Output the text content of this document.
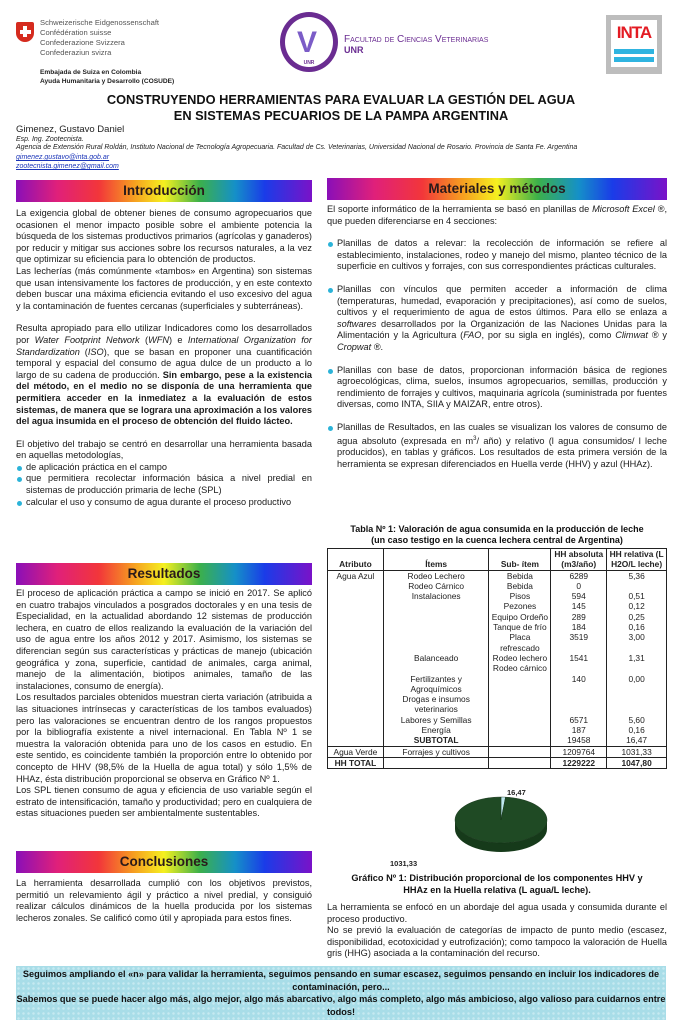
Schweizerische Eidgenossenschaft
Confédération suisse
Confederazione Svizzera
Confederaziun svizra
Embajada de Suiza en Colombia
Ayuda Humanitaria y Desarrollo (COSUDE)
V
UNR
Facultad de Ciencias Veterinarias
UNR
INTA
CONSTRUYENDO HERRAMIENTAS PARA EVALUAR LA GESTIÓN DEL AGUA
EN SISTEMAS PECUARIOS DE LA PAMPA ARGENTINA
Gimenez, Gustavo Daniel
Esp. Ing. Zootecnista.
Agencia de Extensión Rural Roldán, Instituto Nacional de Tecnología Agropecuaria. Facultad de Cs. Veterinarias, Universidad Nacional de Rosario. Provincia de Santa Fe. Argentina
gimenez.gustavo@inta.gob.ar
zootecnista.gimenez@gmail.com
Introducción

La exigencia global de obtener bienes de consumo agropecuarios que ocasionen el menor impacto posible sobre el ambiente potencia la búsqueda de los sistemas productivos primarios (agrícolas y ganaderos) por reducir y mitigar sus acciones sobre los recursos naturales, a la vez que optimizar su eficiencia para lo obtención de productos.

Las lecherías (más comúnmente «tambos» en Argentina) son sistemas que usan intensivamente los factores de producción, y en este contexto deben buscar una máxima eficiencia evitando el uso excesivo del agua y la contaminación de fuentes cercanas (superficiales y subterráneas).

Resulta apropiado para ello utilizar Indicadores como los desarrollados por Water Footprint Network (WFN) e International Organization for Standardization (ISO), que se basan en proponer una cuantificación temporal y espacial del consumo de agua dulce de un producto a lo largo de su cadena de producción. Sin embargo, pese a la existencia del método, en el medio no se disponía de una herramienta que permitiera acceder en la inmediatez a la evaluación de estos sistemas, de manera que se lograra una aproximación a los valores del agua insumida en el proceso de obtención del fluido lácteo.

El objetivo del trabajo se centró en desarrollar una herramienta basada en aquellas metodologías,

de aplicación práctica en el campo
que permitiera recolectar información básica a nivel predial en sistemas de producción primaria de leche (SPL)
calcular el uso y consumo de agua durante el proceso productivo
Resultados

El proceso de aplicación práctica a campo se inició en 2017. Se aplicó en cuatro trabajos vinculados a posgrados doctorales y en una tesis de Especialidad, en la actualidad abordando 12 sistemas de producción lechera, en cuatro de ellos realizando la evaluación de la variación del uso de agua entre los años 2012 y 2017. Asimismo, los sistemas se diferencian según sus características y prácticas de manejo (ubicación geográfica y zona, superficie, cantidad de animales, carga animal, manejo de la alimentación, biotipos animales, tamaño de las instalaciones, consumo de energía).

Los resultados parciales obtenidos muestran cierta variación (atribuida a las situaciones intrínsecas y características de los tambos evaluados) pero las valoraciones se encuentran dentro de los rangos propuestos por la bibliografía existente a nivel internacional. En Tabla Nº 1 se muestra la valoración obtenida para uno de los casos en estudio. En este sentido, es coincidente también la proporción entre lo obtenido por concepto de HHV (98,5% de la Huella de agua total) y sólo 1,5% de HHAz, ésta distribución proporcional se observa en Gráfico Nº 1.

Los SPL tienen consumo de agua y eficiencia de uso variable según el estrato de intensificación, tamaño y productividad; pero en cualquiera de estas situaciones pueden ser ambientalmente sustentables.

Conclusiones

La herramienta desarrollada cumplió con los objetivos previstos, permitió un relevamiento ágil y práctico a nivel predial, y consiguió realizar cálculos dinámicos de la huella producida por los sistemas lecheros zonales. Se calificó como útil y apropiada para estos fines.

Materiales y métodos

El soporte informático de la herramienta se basó en planillas de Microsoft Excel ®, que pueden diferenciarse en 4 secciones:

Planillas de datos a relevar: la recolección de información se refiere al establecimiento, instalaciones, rodeo y manejo del mismo, planteo técnico de la superficie en cultivos y forrajes, con sus correspondientes prácticas culturales.
Planillas con vínculos que permiten acceder a información de clima (temperaturas, humedad, evaporación y precipitaciones), así como de suelos, cultivos y el requerimiento de agua de estos últimos. Para ello se enlaza a softwares desarrollados por la Organización de las Naciones Unidas para la Alimentación y la Agricultura (FAO, por su sigla en inglés), como Climwat ® y Cropwat ®.
Planillas con base de datos, proporcionan información básica de regiones agroecológicas, clima, suelos, insumos agropecuarios, semillas, producción y rendimiento de forrajes y cultivos, maquinaria agrícola (suministrada por fuentes diversas, como INTA, SIIA y MAIZAR, entre otros).
Planillas de Resultados, en las cuales se visualizan los valores de consumo de agua absoluto (expresada en $m^3/$ año) y relativo (l agua consumidos/ l leche producidos), en tablas y gráficos. Los resultados de esta primera versión de la herramienta se expresan diferenciados en Huella verde (HHV) y azul (HHAz).
Tabla Nº 1: Valoración de agua consumida en la producción de leche
(un caso testigo en la cuenca lechera central de Argentina)
Atributo	Ítems	Sub- ítem	HH absoluta (m3/año)	HH relativa (L H2O/L leche)
Agua Azul	Rodeo Lechero	Bebida	6289	5,36
	Rodeo Cárnico	Bebida	0	
	Instalaciones	Pisos	594	0,51
		Pezones	145	0,12
		Equipo Ordeño	289	0,25
		Tanque de frío	184	0,16
		Placa refrescado	3519	3,00
	Balanceado	Rodeo lechero	1541	1,31
		Rodeo cárnico		
	Fertilizantes y Agroquímicos		140	0,00
	Drogas e insumos veterinarios			
	Labores y Semillas		6571	5,60
	Energía		187	0,16
	SUBTOTAL		19458	16,47
Agua Verde	Forrajes y cultivos		1209764	1031,33
HH TOTAL			1229222	1047,80
16,47
1031,33
Gráfico Nº 1: Distribución proporcional de los componentes HHV y
HHAz en la Huella relativa (L agua/L leche).

La herramienta se enfocó en un abordaje del agua usada y consumida durante el proceso productivo.

No se previó la evaluación de categorías de impacto de punto medio (escasez, disponibilidad, ecotoxicidad y eutrofización); como tampoco la valoración de Huella gris (HHG) asociada a la contaminación del recurso.

Seguimos ampliando el «n» para validar la herramienta, seguimos pensando en sumar escasez, seguimos pensando en incluir los indicadores de contaminación, pero...
Sabemos que se puede hacer algo más, algo mejor, algo más abarcativo, algo más completo, algo más ambicioso, algo valioso para cuidarnos entre todos!
